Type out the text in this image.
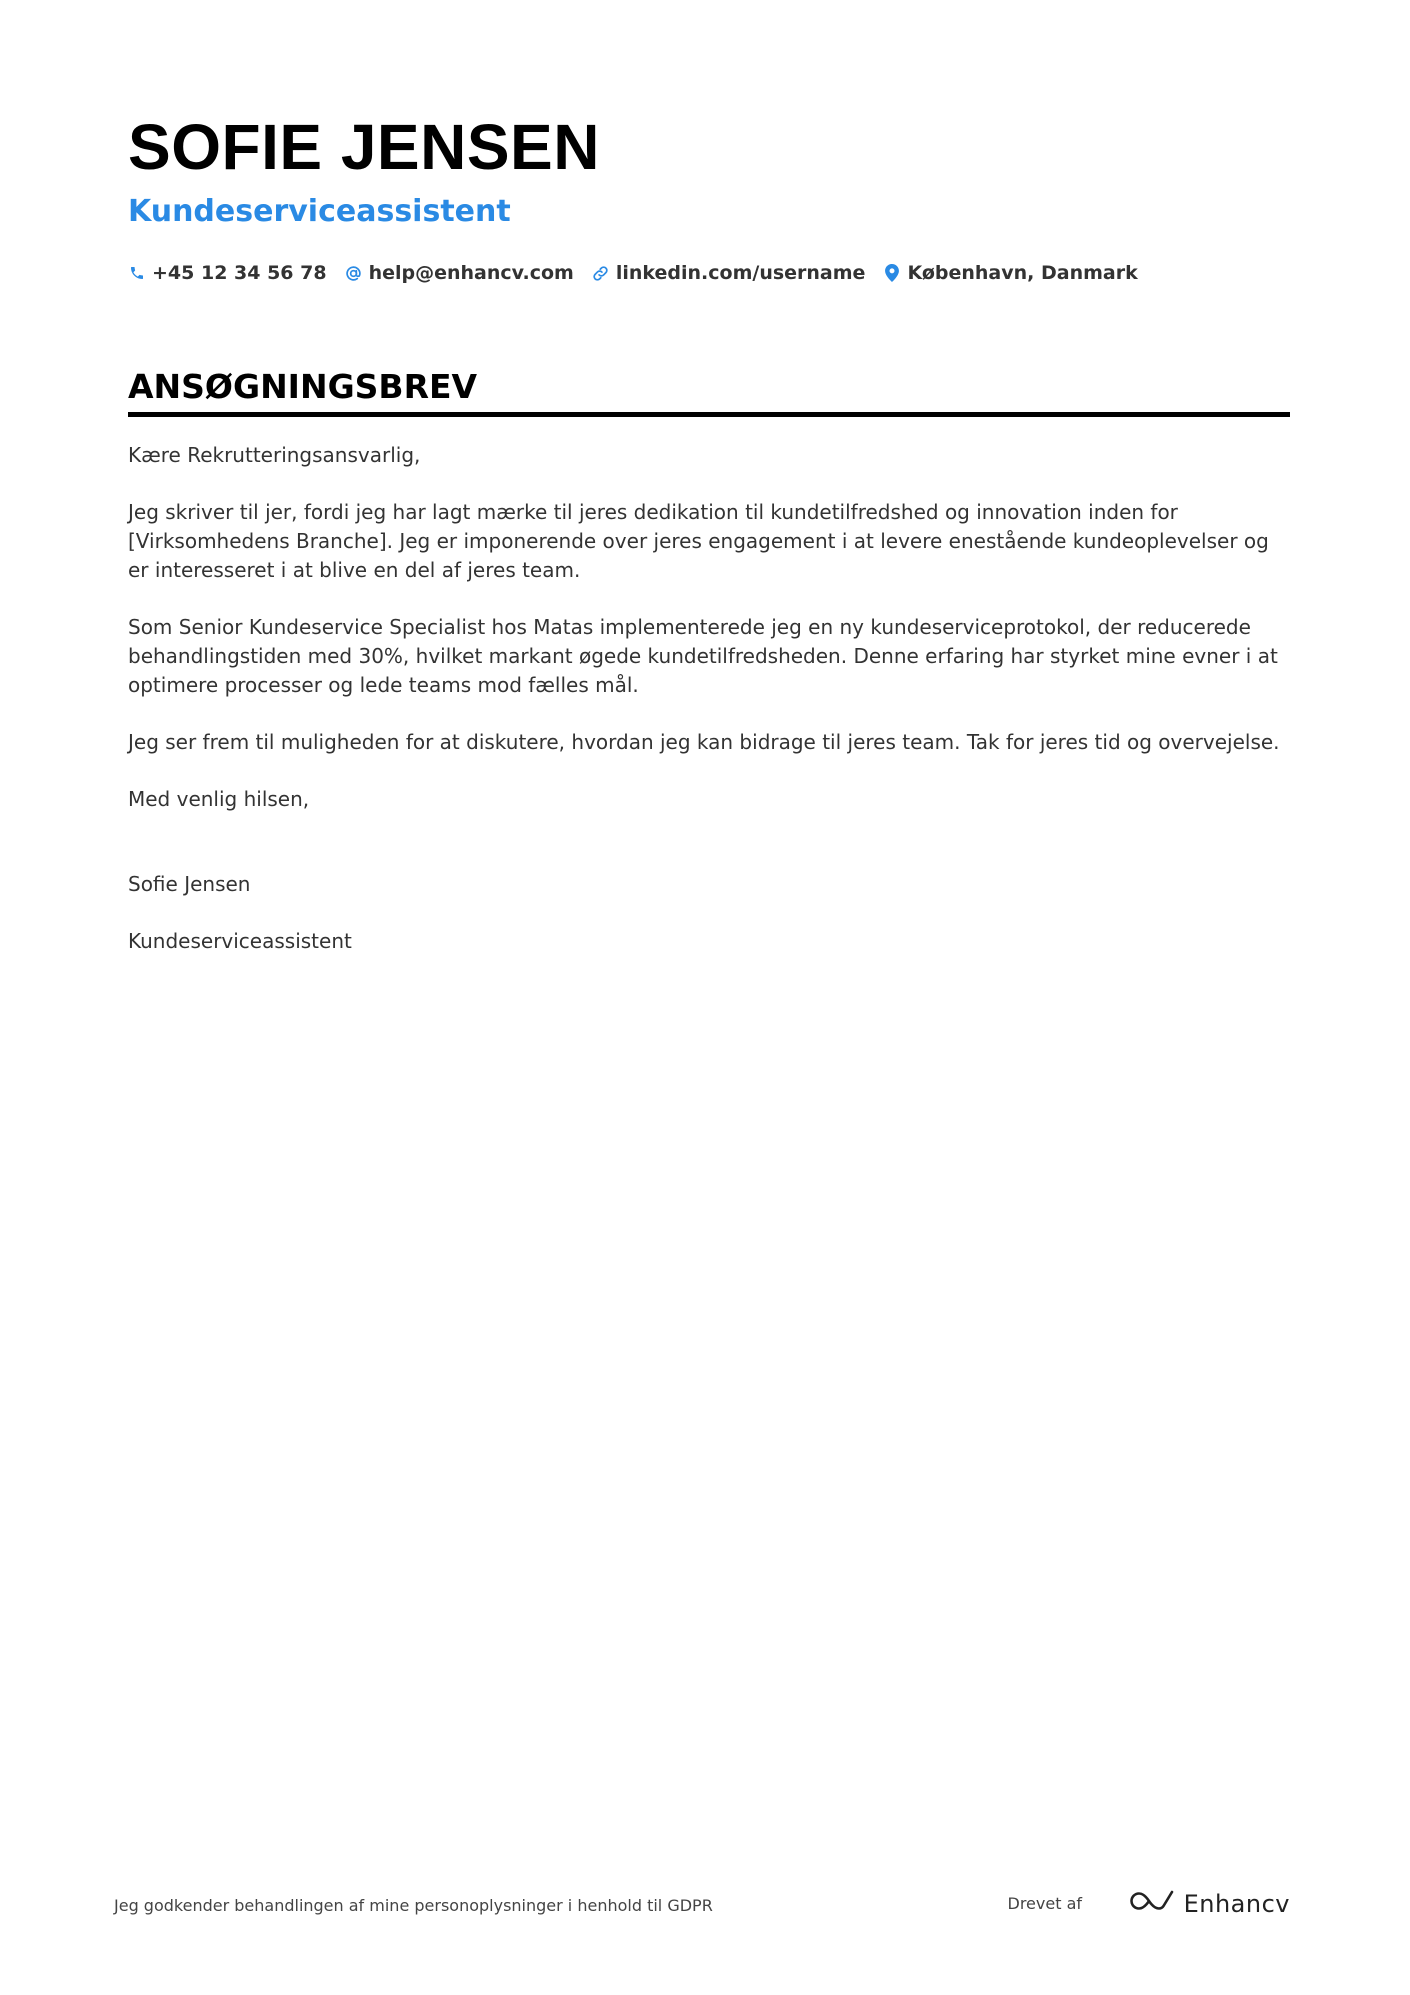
SOFIE JENSEN
Kundeserviceassistent
+45 12 34 56 78 help@enhancv.com linkedin.com/username København, Danmark
ANSØGNINGSBREV

Kære Rekrutteringsansvarlig,

Jeg skriver til jer, fordi jeg har lagt mærke til jeres dedikation til kundetilfredshed og innovation inden for [Virksomhedens Branche]. Jeg er imponerende over jeres engagement i at levere enestående kundeoplevelser og er interesseret i at blive en del af jeres team.

Som Senior Kundeservice Specialist hos Matas implementerede jeg en ny kundeserviceprotokol, der reducerede behandlingstiden med 30%, hvilket markant øgede kundetilfredsheden. Denne erfaring har styrket mine evner i at optimere processer og lede teams mod fælles mål.

Jeg ser frem til muligheden for at diskutere, hvordan jeg kan bidrage til jeres team. Tak for jeres tid og overvejelse.

Med venlig hilsen,

Sofie Jensen

Kundeserviceassistent

Jeg godkender behandlingen af mine personoplysninger i henhold til GDPR	Drevet af	Enhancv
